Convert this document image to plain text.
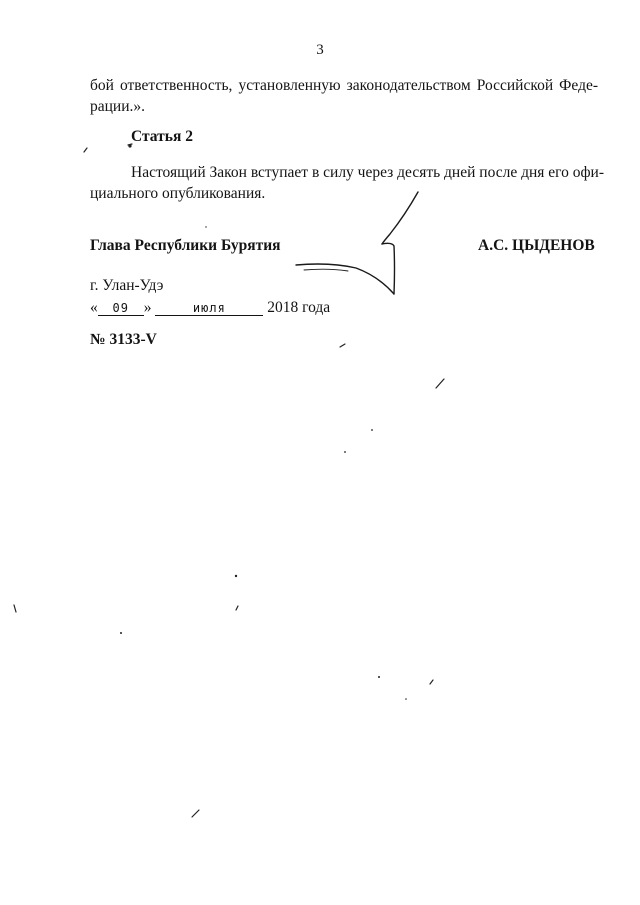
3
бой ответственность, установленную законодательством Российской Феде-
рации.».
Статья 2
Настоящий Закон вступает в силу через десять дней после дня его офи-
циального опубликования.
Глава Республики Бурятия	А.С. ЦЫДЕНОВ
г. Улан-Удэ
« 09 »	июля	2018 года
№ 3133-V
